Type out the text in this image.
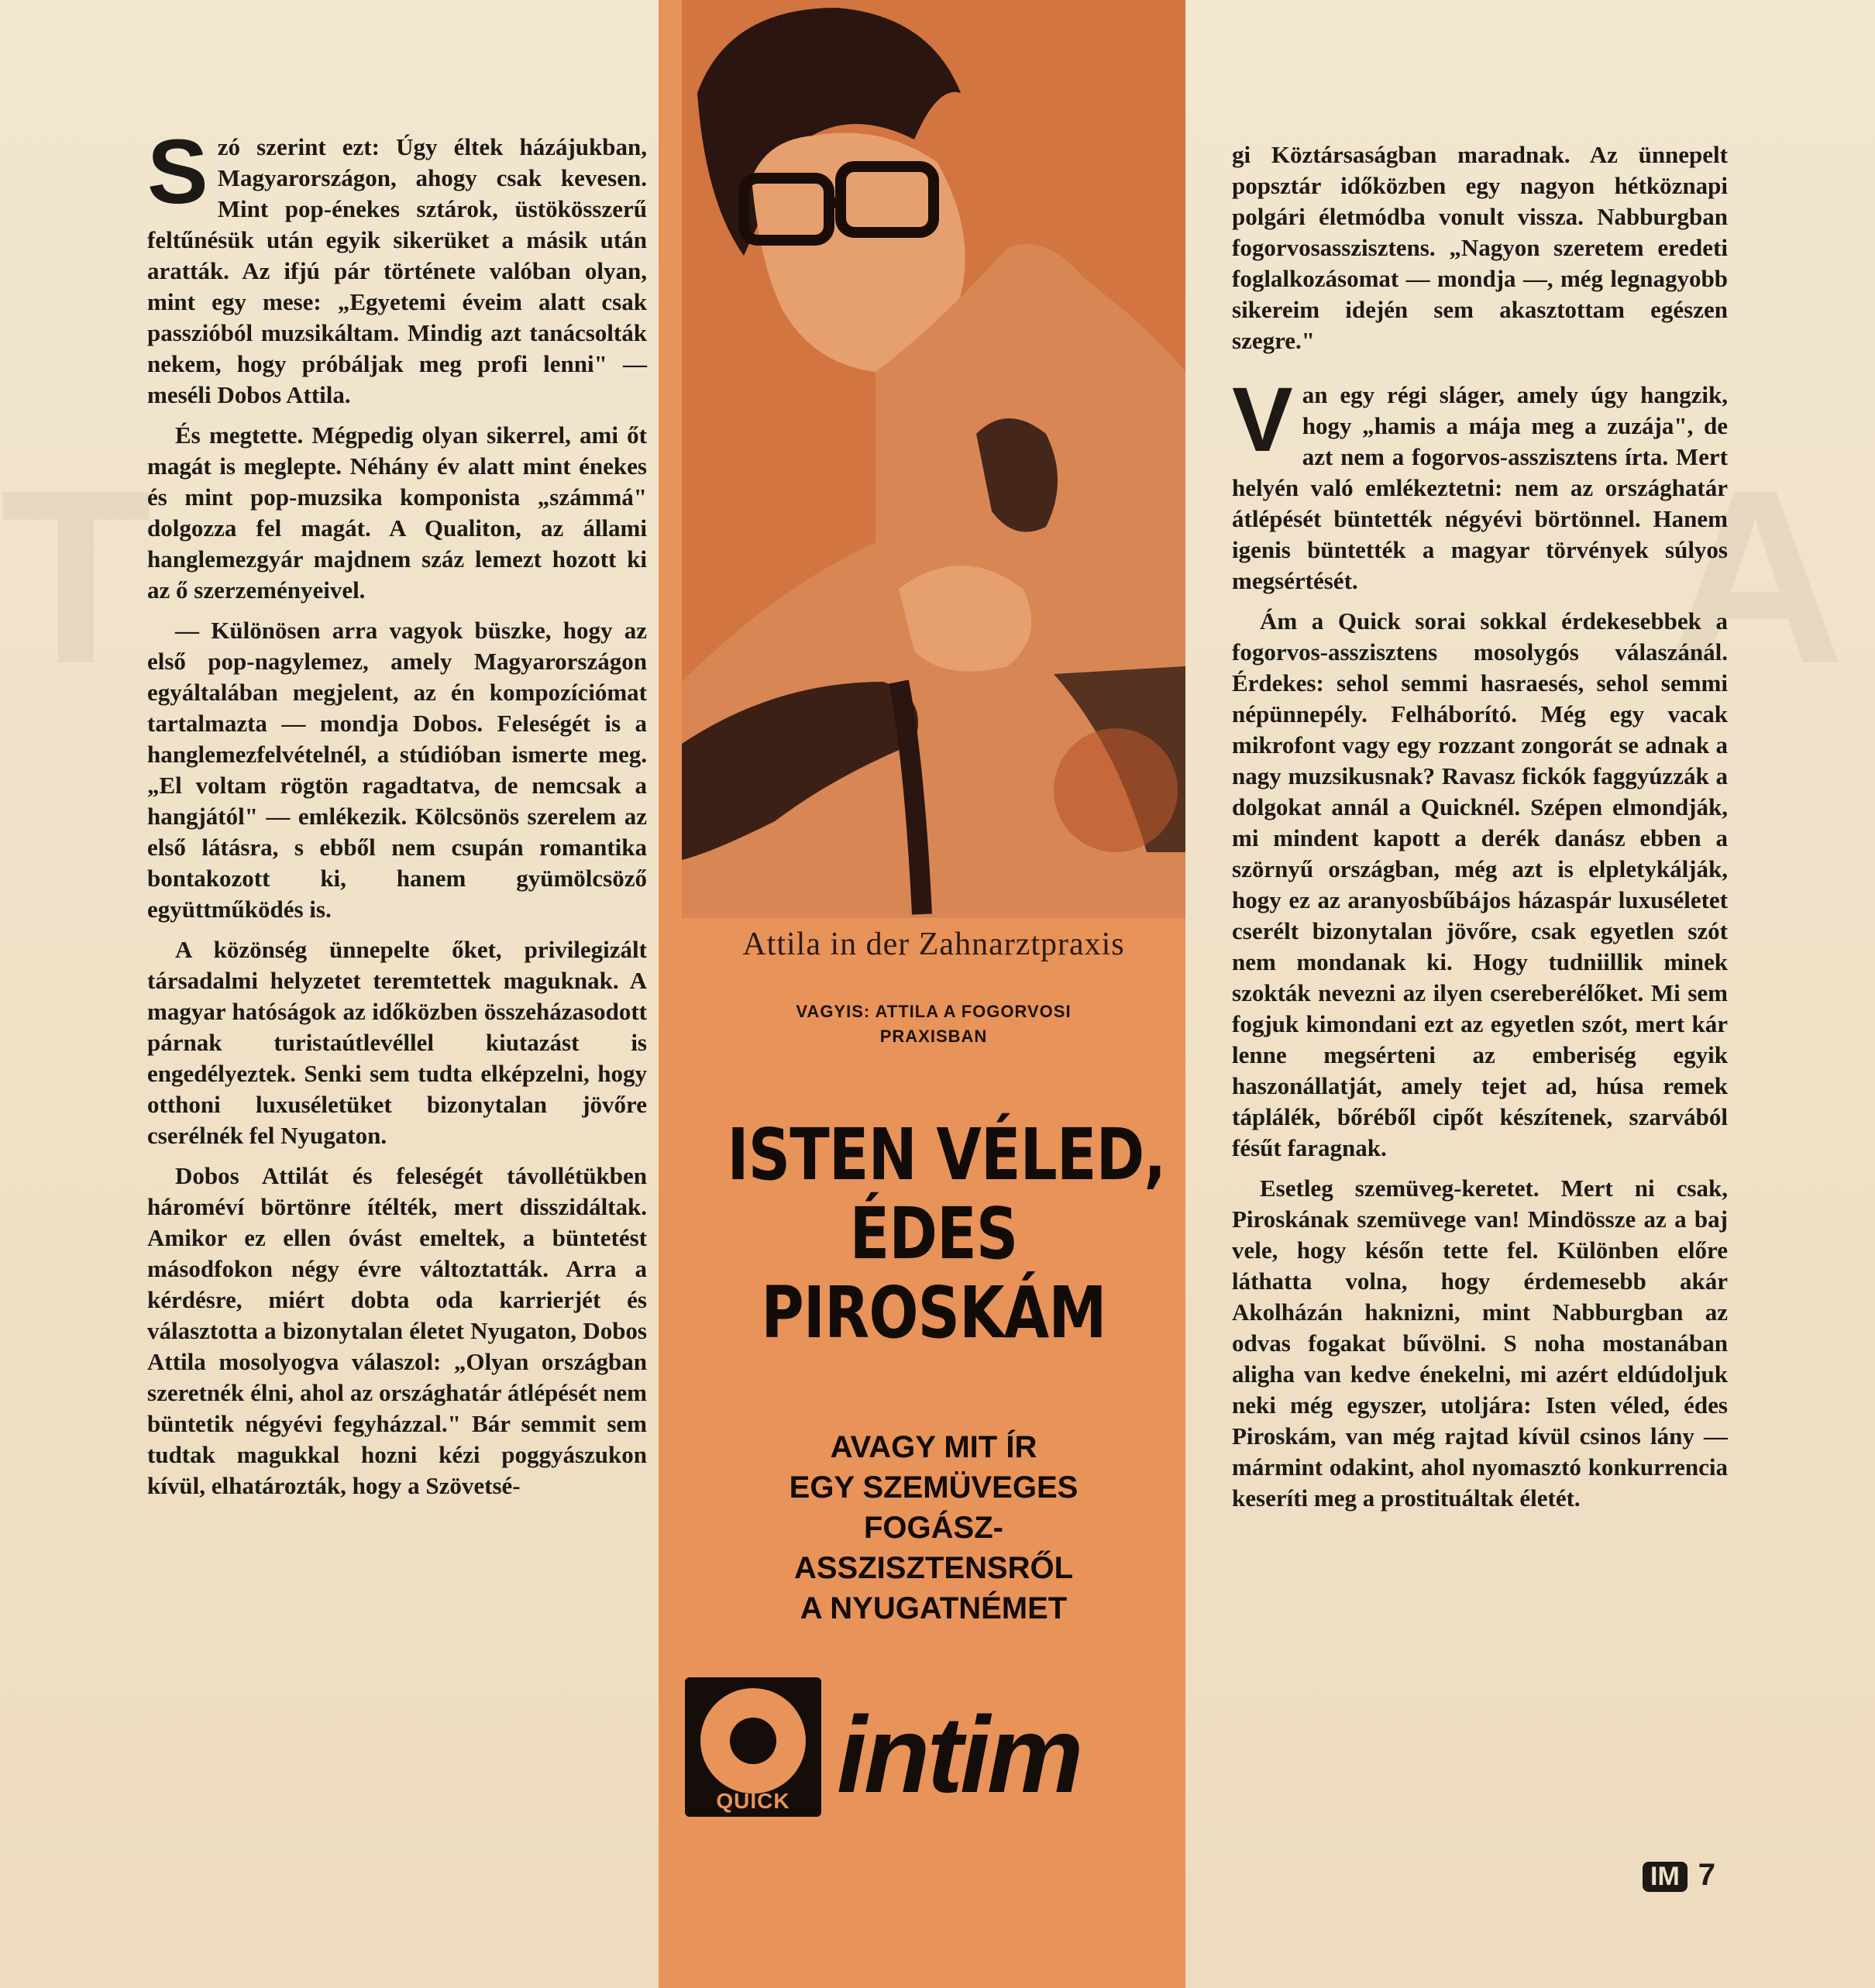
T	A

Szó szerint ezt: Úgy éltek házájukban, Magyarországon, ahogy csak kevesen. Mint pop-énekes sztárok, üstökösszerű feltűnésük után egyik sikerüket a másik után aratták. Az ifjú pár története valóban olyan, mint egy mese: „Egyetemi éveim alatt csak passzióból muzsikáltam. Mindig azt tanácsolták nekem, hogy próbáljak meg profi lenni" — meséli Dobos Attila.

És megtette. Mégpedig olyan sikerrel, ami őt magát is meglepte. Néhány év alatt mint énekes és mint pop-muzsika komponista „számmá" dolgozza fel magát. A Qualiton, az állami hanglemezgyár majdnem száz lemezt hozott ki az ő szerzeményeivel.

— Különösen arra vagyok büszke, hogy az első pop-nagylemez, amely Magyarországon egyáltalában megjelent, az én kompozíciómat tartalmazta — mondja Dobos. Feleségét is a hanglemezfelvételnél, a stúdióban ismerte meg. „El voltam rögtön ragadtatva, de nemcsak a hangjától" — emlékezik. Kölcsönös szerelem az első látásra, s ebből nem csupán romantika bontakozott ki, hanem gyümölcsöző együttműködés is.

A közönség ünnepelte őket, privilegizált társadalmi helyzetet teremtettek maguknak. A magyar hatóságok az időközben összeházasodott párnak turistaútlevéllel kiutazást is engedélyeztek. Senki sem tudta elképzelni, hogy otthoni luxuséletüket bizonytalan jövőre cserélnék fel Nyugaton.

Dobos Attilát és feleségét távollétükben hároméví börtönre ítélték, mert disszidáltak. Amikor ez ellen óvást emeltek, a büntetést másodfokon négy évre változtatták. Arra a kérdésre, miért dobta oda karrierjét és választotta a bizonytalan életet Nyugaton, Dobos Attila mosolyogva válaszol: „Olyan országban szeretnék élni, ahol az országhatár átlépését nem büntetik négyévi fegyházzal." Bár semmit sem tudtak magukkal hozni kézi poggyászukon kívül, elhatározták, hogy a Szövetsé-

Attila in der Zahnarztpraxis
VAGYIS: ATTILA A FOGORVOSI
PRAXISBAN
ISTEN VÉLED,
ÉDES
PIROSKÁM
AVAGY MIT ÍR
EGY SZEMÜVEGES
FOGÁSZ-
ASSZISZTENSRŐL
A NYUGATNÉMET
QUICK intim

gi Köztársaságban maradnak. Az ünnepelt popsztár időközben egy nagyon hétköznapi polgári életmódba vonult vissza. Nabburgban fogorvosasszisztens. „Nagyon szeretem eredeti foglalkozásomat — mondja —, még legnagyobb sikereim idején sem akasztottam egészen szegre."

Van egy régi sláger, amely úgy hangzik, hogy „hamis a mája meg a zuzája", de azt nem a fogorvos-asszisztens írta. Mert helyén való emlékeztetni: nem az országhatár átlépését büntették négyévi börtönnel. Hanem igenis büntették a magyar törvények súlyos megsértését.

Ám a Quick sorai sokkal érdekesebbek a fogorvos-asszisztens mosolygós válaszánál. Érdekes: sehol semmi hasraesés, sehol semmi népünnepély. Felháborító. Még egy vacak mikrofont vagy egy rozzant zongorát se adnak a nagy muzsikusnak? Ravasz fickók faggyúzzák a dolgokat annál a Quicknél. Szépen elmondják, mi mindent kapott a derék danász ebben a szörnyű országban, még azt is elpletykálják, hogy ez az aranyosbűbájos házaspár luxuséletet cserélt bizonytalan jövőre, csak egyetlen szót nem mondanak ki. Hogy tudniillik minek szokták nevezni az ilyen csereberélőket. Mi sem fogjuk kimondani ezt az egyetlen szót, mert kár lenne megsérteni az emberiség egyik haszonállatját, amely tejet ad, húsa remek táplálék, bőréből cipőt készítenek, szarvából fésűt faragnak.

Esetleg szemüveg-keretet. Mert ni csak, Piroskának szemüvege van! Mindössze az a baj vele, hogy későn tette fel. Különben előre láthatta volna, hogy érdemesebb akár Akolházán haknizni, mint Nabburgban az odvas fogakat bűvölni. S noha mostanában aligha van kedve énekelni, mi azért eldúdoljuk neki még egyszer, utoljára: Isten véled, édes Piroskám, van még rajtad kívül csinos lány — mármint odakint, ahol nyomasztó konkurrencia keseríti meg a prostituáltak életét.

IM 7
